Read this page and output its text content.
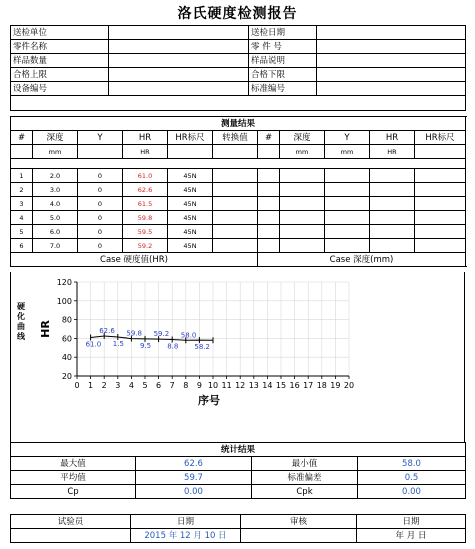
洛氏硬度检测报告
送检单位		送检日期	
零件名称		零 件 号	
样品数量		样品说明	
合格上限		合格下限	
设备编号		标准编号	

测量结果										
#	深度	Y	HR	HR标尺	转换值	#	深度	Y	HR	HR标尺
	mm		HR				mm	mm	HR	

1	2.0	0	61.0	45N						
2	3.0	0	62.6	45N						
3	4.0	0	61.5	45N						
4	5.0	0	59.8	45N						
5	6.0	0	59.5	45N						
6	7.0	0	59.2	45N						
Case 硬度值(HR)						Case 深度(mm)				
硬化曲线
0 1 2 3 4 5 6 7 8 9 10 11 12 13 14 15 16 17 18 19 20
20
40
60
80
100
120
序号
HR
61.0
62.6
1.5
59.8
9.5
59.2
8.8
58.0
58.2
统计结果			
最大值	62.6	最小值	58.0
平均值	59.7	标准偏差	0.5
Cp	0.00	Cpk	0.00
试验员	日期	审核	日期
	2015 年 12 月 10 日		年 月 日
